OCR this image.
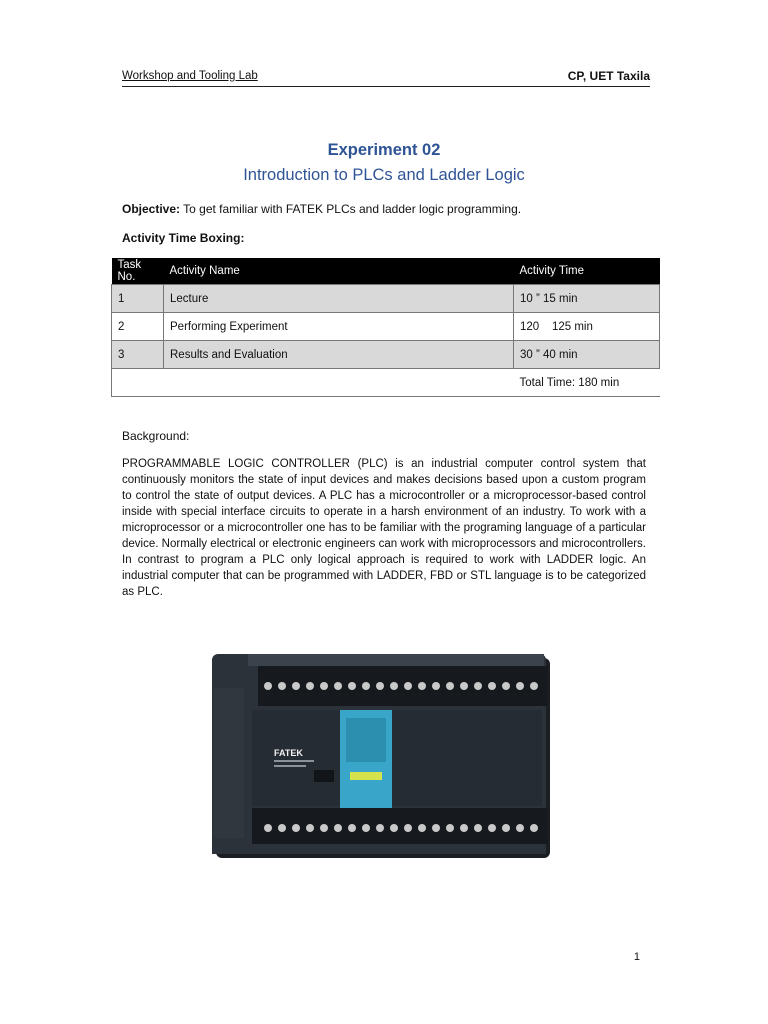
Workshop and Tooling Lab	CP, UET Taxila
Experiment 02
Introduction to PLCs and Ladder Logic
Objective: To get familiar with FATEK PLCs and ladder logic programming.
Activity Time Boxing:
Task No.	Activity Name	Activity Time
1	Lecture	10 ” 15 min
2	Performing Experiment	120    125 min
3	Results and Evaluation	30 ” 40 min
		Total Time: 180 min
Background:

PROGRAMMABLE LOGIC CONTROLLER (PLC) is an industrial computer control system that continuously monitors the state of input devices and makes decisions based upon a custom program to control the state of output devices. A PLC has a microcontroller or a microprocessor-based control inside with special interface circuits to operate in a harsh environment of an industry. To work with a microprocessor or a microcontroller one has to be familiar with the programing language of a particular device. Normally electrical or electronic engineers can work with microprocessors and microcontrollers. In contrast to program a PLC only logical approach is required to work with LADDER logic. An industrial computer that can be programmed with LADDER, FBD or STL language is to be categorized as PLC.

FATEK
1
